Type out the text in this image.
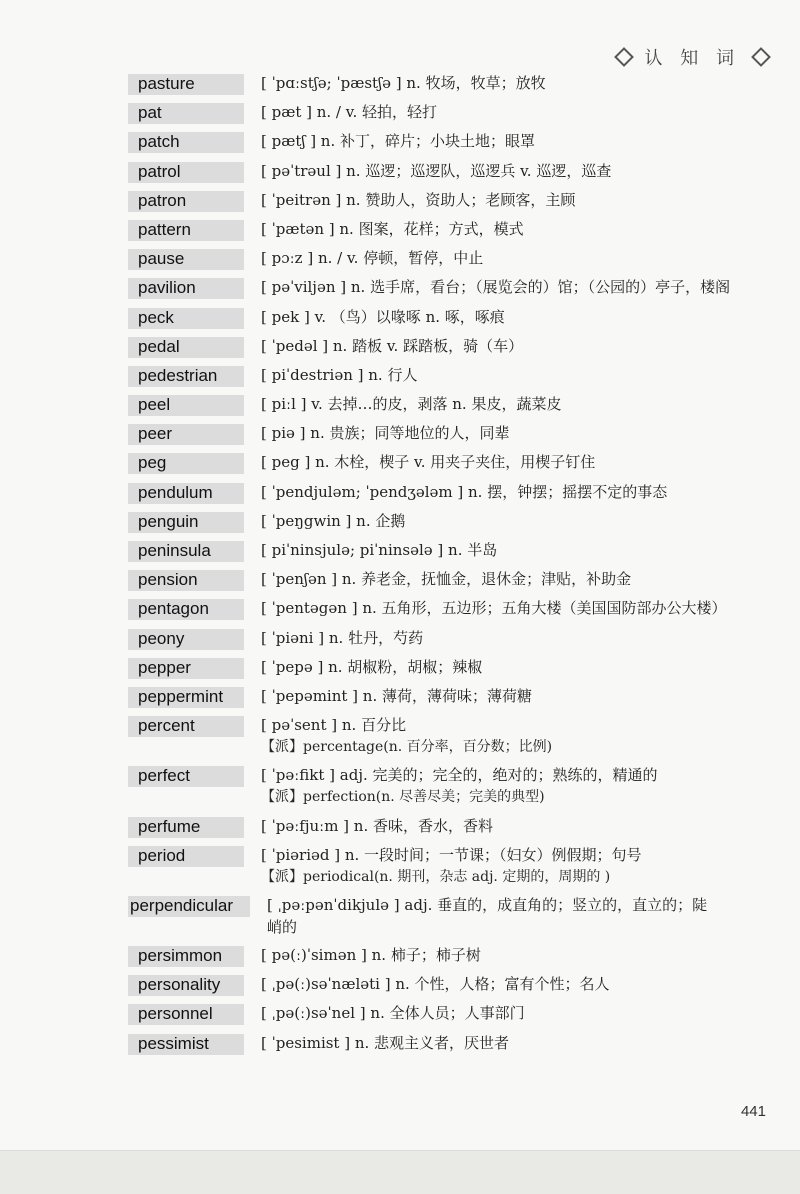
认 知 词
pasture	[ ˈpɑːstʃə; ˈpæstʃə ] n. 牧场，牧草；放牧
pat	[ pæt ] n. / v. 轻拍，轻打
patch	[ pætʃ ] n. 补丁，碎片；小块土地；眼罩
patrol	[ pəˈtrəul ] n. 巡逻；巡逻队，巡逻兵 v. 巡逻，巡查
patron	[ ˈpeitrən ] n. 赞助人，资助人；老顾客，主顾
pattern	[ ˈpætən ] n. 图案，花样；方式，模式
pause	[ pɔːz ] n. / v. 停顿，暂停，中止
pavilion	[ pəˈviljən ] n. 选手席，看台；（展览会的）馆；（公园的）亭子，楼阁
peck	[ pek ] v. （鸟）以喙啄 n. 啄，啄痕
pedal	[ ˈpedəl ] n. 踏板 v. 踩踏板，骑（车）
pedestrian	[ piˈdestriən ] n. 行人
peel	[ piːl ] v. 去掉…的皮，剥落 n. 果皮，蔬菜皮
peer	[ piə ] n. 贵族；同等地位的人，同辈
peg	[ peg ] n. 木栓，楔子 v. 用夹子夹住，用楔子钉住
pendulum	[ ˈpendjuləm; ˈpendʒələm ] n. 摆，钟摆；摇摆不定的事态
penguin	[ ˈpeŋgwin ] n. 企鹅
peninsula	[ piˈninsjulə; piˈninsələ ] n. 半岛
pension	[ ˈpenʃən ] n. 养老金，抚恤金，退休金；津贴，补助金
pentagon	[ ˈpentəgən ] n. 五角形，五边形；五角大楼（美国国防部办公大楼）
peony	[ ˈpiəni ] n. 牡丹，芍药
pepper	[ ˈpepə ] n. 胡椒粉，胡椒；辣椒
peppermint	[ ˈpepəmint ] n. 薄荷，薄荷味；薄荷糖
percent	[ pəˈsent ] n. 百分比
【派】percentage(n. 百分率，百分数；比例)
perfect	[ ˈpəːfikt ] adj. 完美的；完全的，绝对的；熟练的，精通的
【派】perfection(n. 尽善尽美；完美的典型)
perfume	[ ˈpəːfjuːm ] n. 香味，香水，香料
period	[ ˈpiəriəd ] n. 一段时间；一节课；（妇女）例假期；句号
【派】periodical(n. 期刊，杂志 adj. 定期的，周期的 )
perpendicular	[ ˌpəːpənˈdikjulə ] adj. 垂直的，成直角的；竖立的，直立的；陡
峭的
persimmon	[ pə(ː)ˈsimən ] n. 柿子；柿子树
personality	[ ˌpə(ː)səˈnæləti ] n. 个性，人格；富有个性；名人
personnel	[ ˌpə(ː)səˈnel ] n. 全体人员；人事部门
pessimist	[ ˈpesimist ] n. 悲观主义者，厌世者
441
